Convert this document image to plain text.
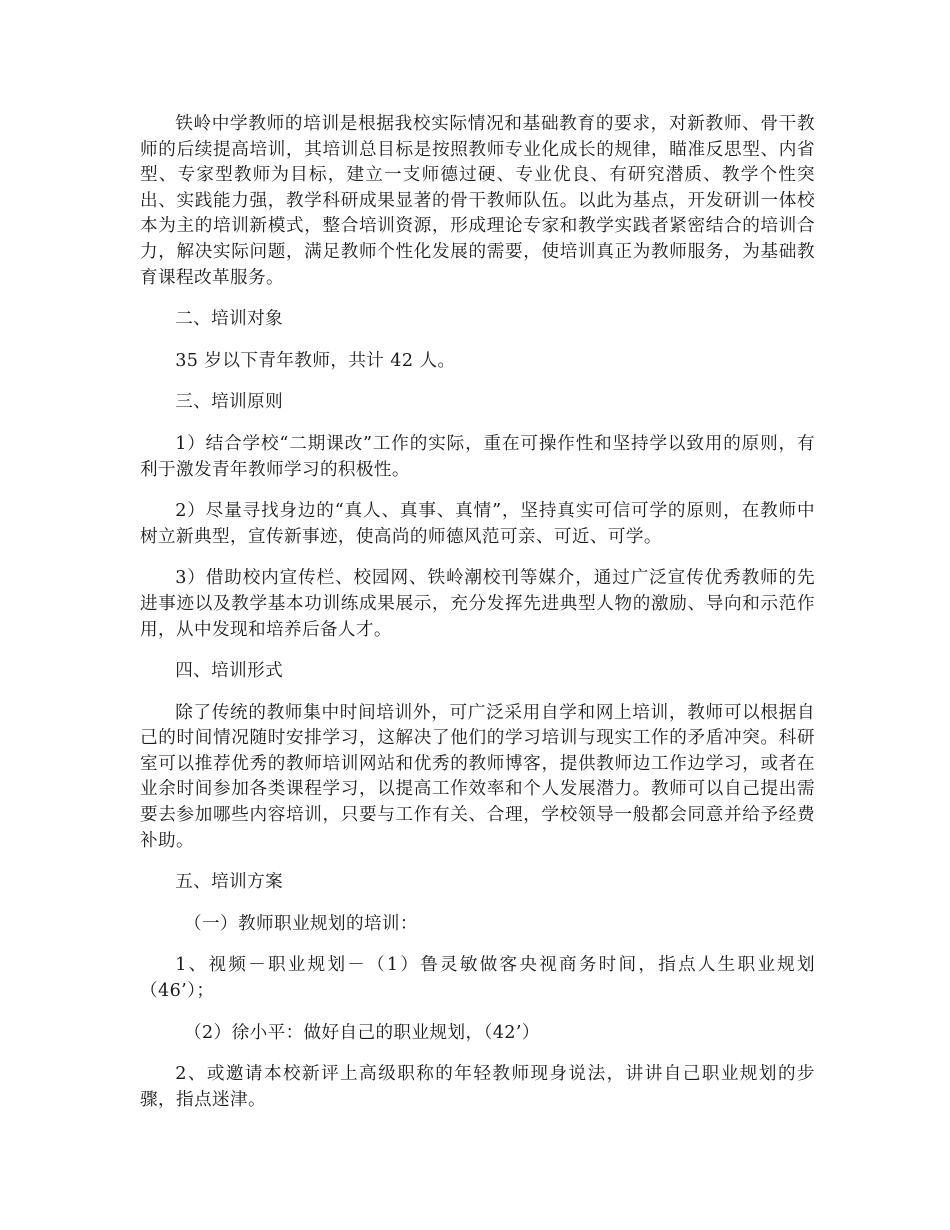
铁岭中学教师的培训是根据我校实际情况和基础教育的要求，对新教师、骨干教师的后续提高培训，其培训总目标是按照教师专业化成长的规律，瞄准反思型、内省型、专家型教师为目标，建立一支师德过硬、专业优良、有研究潜质、教学个性突出、实践能力强，教学科研成果显著的骨干教师队伍。以此为基点，开发研训一体校本为主的培训新模式，整合培训资源，形成理论专家和教学实践者紧密结合的培训合力，解决实际问题，满足教师个性化发展的需要，使培训真正为教师服务，为基础教育课程改革服务。

二、培训对象

35 岁以下青年教师，共计 42 人。

三、培训原则

1）结合学校“二期课改”工作的实际，重在可操作性和坚持学以致用的原则，有利于激发青年教师学习的积极性。

2）尽量寻找身边的“真人、真事、真情”，坚持真实可信可学的原则，在教师中树立新典型，宣传新事迹，使高尚的师德风范可亲、可近、可学。

3）借助校内宣传栏、校园网、铁岭潮校刊等媒介，通过广泛宣传优秀教师的先进事迹以及教学基本功训练成果展示，充分发挥先进典型人物的激励、导向和示范作用，从中发现和培养后备人才。

四、培训形式

除了传统的教师集中时间培训外，可广泛采用自学和网上培训，教师可以根据自己的时间情况随时安排学习，这解决了他们的学习培训与现实工作的矛盾冲突。科研室可以推荐优秀的教师培训网站和优秀的教师博客，提供教师边工作边学习，或者在业余时间参加各类课程学习，以提高工作效率和个人发展潜力。教师可以自己提出需要去参加哪些内容培训，只要与工作有关、合理，学校领导一般都会同意并给予经费补助。

五、培训方案

（一）教师职业规划的培训：

1、视频－职业规划－（1）鲁灵敏做客央视商务时间，指点人生职业规划（46’）；

（2）徐小平：做好自己的职业规划，（42’）

2、或邀请本校新评上高级职称的年轻教师现身说法，讲讲自己职业规划的步骤，指点迷津。
